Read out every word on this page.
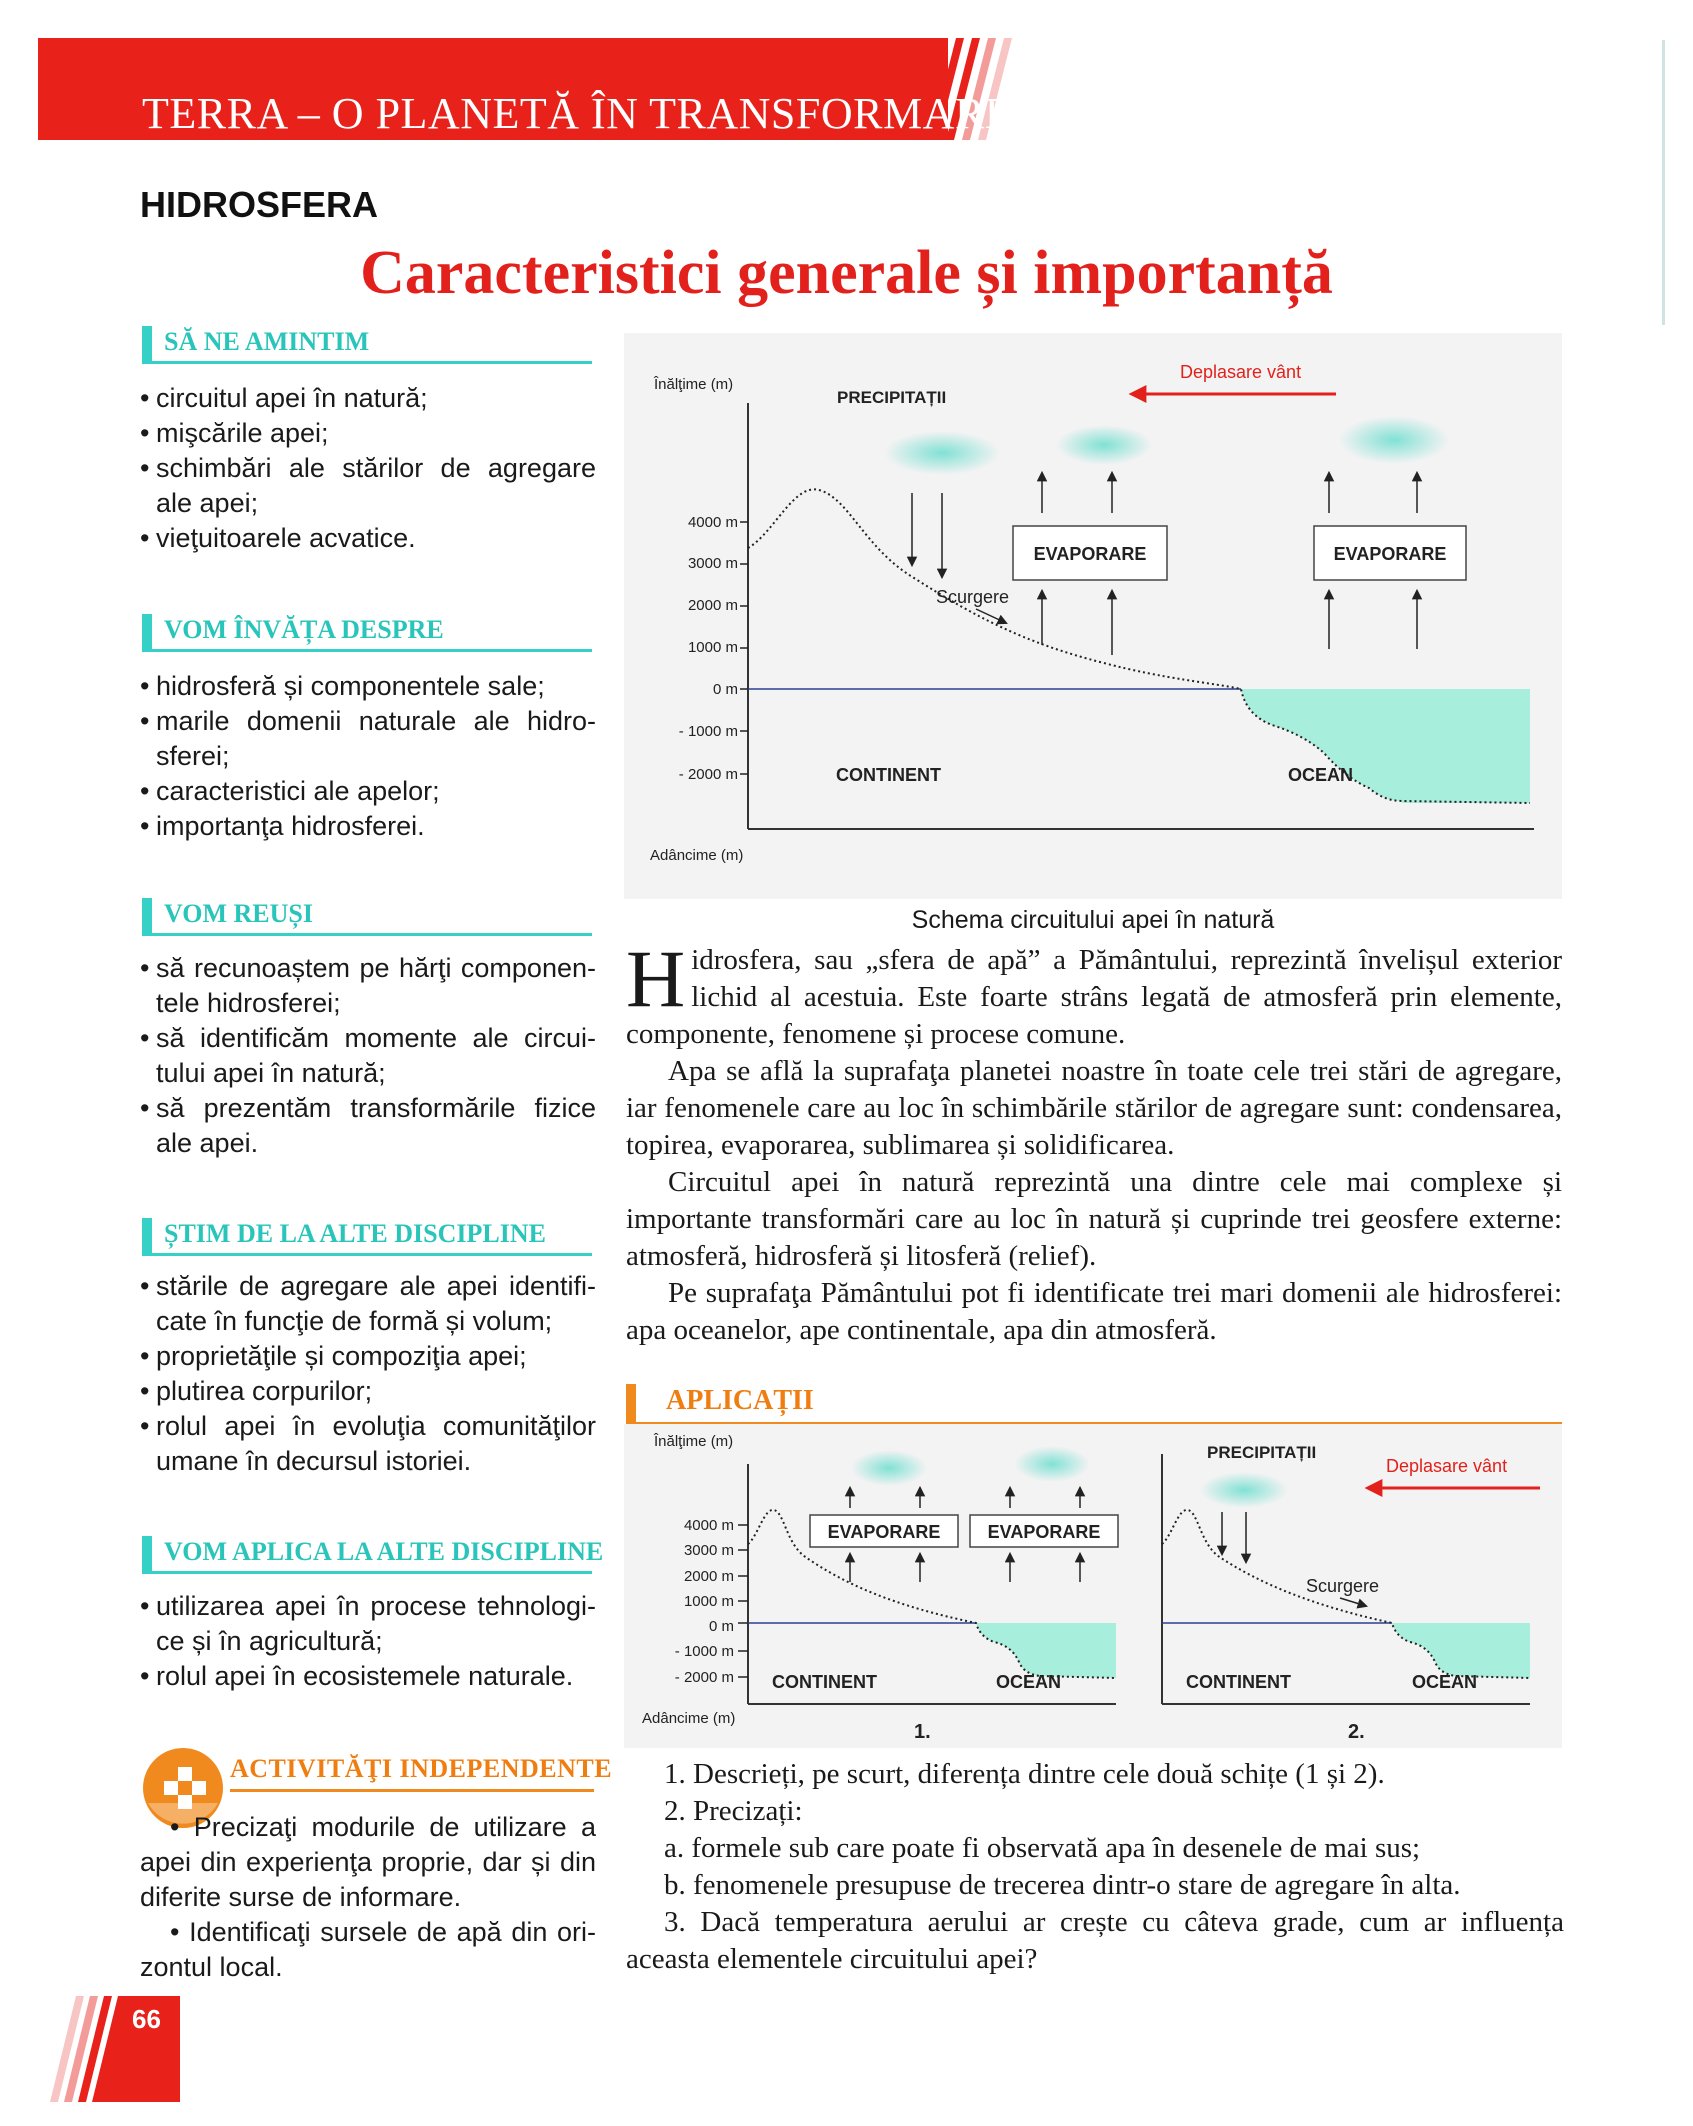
TERRA – O PLANETĂ ÎN TRANSFORMARE
HIDROSFERA
Caracteristici generale și importanță
SĂ NE AMINTIM
• circuitul apei în natură;
• mişcările apei;
• schimbări ale stărilor de agregare ale apei;
• vieţuitoarele acvatice.
VOM ÎNVĂȚA DESPRE
• hidrosferă și componentele sale;
• marile domenii naturale ale hidrosferei;
• caracteristici ale apelor;
• importanţa hidrosferei.
VOM REUȘI
• să recunoaștem pe hărţi componentele hidrosferei;
• să identificăm momente ale circuitului apei în natură;
• să prezentăm transformările fizice ale apei.
ȘTIM DE LA ALTE DISCIPLINE
• stările de agregare ale apei identificate în funcţie de formă și volum;
• proprietăţile și compoziţia apei;
• plutirea corpurilor;
• rolul apei în evoluţia comunităţilor umane în decursul istoriei.
VOM APLICA LA ALTE DISCIPLINE
• utilizarea apei în procese tehnologice și în agricultură;
• rolul apei în ecosistemele naturale.
ACTIVITĂŢI INDEPENDENTE

• Precizaţi modurile de utilizare a apei din experienţa proprie, dar și din diferite surse de informare.

• Identificaţi sursele de apă din orizontul local.

66
4000 m
3000 m
2000 m
1000 m
0 m
- 1000 m
- 2000 m
Înălţime (m)
Adâncime (m)
PRECIPITAȚII
Deplasare vânt
Scurgere
EVAPORARE	EVAPORARE
CONTINENT	OCEAN
Schema circuitului apei în natură

Hidrosfera, sau „sfera de apă” a Pământului, reprezintă învelișul exterior lichid al acestuia. Este foarte strâns legată de atmosferă prin elemente, componente, fenomene și procese comune.

Apa se află la suprafaţa planetei noastre în toate cele trei stări de agregare, iar fenomenele care au loc în schimbările stărilor de agregare sunt: condensarea, topirea, evaporarea, sublimarea și solidificarea.

Circuitul apei în natură reprezintă una dintre cele mai complexe și importante transformări care au loc în natură și cuprinde trei geosfere externe: atmosferă, hidrosferă și litosferă (relief).

Pe suprafaţa Pământului pot fi identificate trei mari domenii ale hidrosferei: apa oceanelor, ape continentale, apa din atmosferă.

APLICAȚII
4000 m
3000 m
2000 m
1000 m
0 m
- 1000 m
- 2000 m
Înălţime (m)
Adâncime (m)
EVAPORARE	EVAPORARE
CONTINENT	OCEAN
1.
PRECIPITAȚII
Deplasare vânt
Scurgere
CONTINENT	OCEAN
2.
1. Descrieți, pe scurt, diferența dintre cele două schițe (1 și 2).
2. Precizați:
a. formele sub care poate fi observată apa în desenele de mai sus;
b. fenomenele presupuse de trecerea dintr-o stare de agregare în alta.
3. Dacă temperatura aerului ar crește cu câteva grade, cum ar influența aceasta elementele circuitului apei?
